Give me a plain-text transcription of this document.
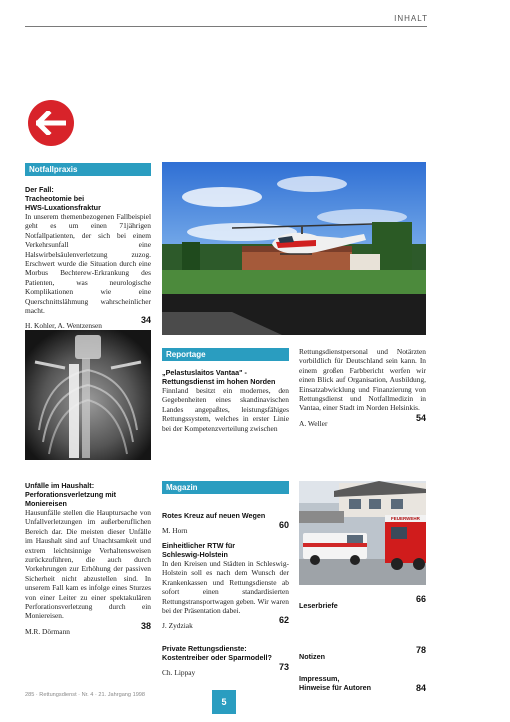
INHALT
Notfallpraxis
Der Fall:
Tracheotomie bei
HWS-Luxationsfraktur
In unserem themenbezogenen Fallbeispiel geht es um einen 71jährigen Notfallpatienten, der sich bei einem Verkehrsunfall eine Halswirbelsäulenverletzung zuzog. Erschwert wurde die Situation durch eine Morbus Bechterew-Erkrankung des Patienten, was neurologische Komplikationen wie eine Querschnittslähmung wahrscheinlicher macht.
H. Kohler, A. Wentzensen
34
Unfälle im Haushalt:
Perforationsverletzung mit
Moniereisen
Hausunfälle stellen die Hauptursache von Unfallverletzungen im außerberuflichen Bereich dar. Die meisten dieser Unfälle im Haushalt sind auf Unachtsamkeit und extrem leichtsinnige Verhaltensweisen zurückzuführen, die auch durch Vorkehrungen zur Erhöhung der passiven Sicherheit nicht abzustellen sind. In unserem Fall kam es infolge eines Sturzes von einer Leiter zu einer spektakulären Perforationsverletzung durch ein Moniereisen.
M.R. Dörmann
38
Reportage
„Pelastuslaitos Vantaa" -
Rettungsdienst im hohen Norden
Finnland besitzt ein modernes, den Gegebenheiten eines skandinavischen Landes angepaßtes, leistungsfähiges Rettungssystem, welches in erster Linie bei der Kompetenzverteilung zwischen
Rettungsdienstpersonal und Notärzten vorbildlich für Deutschland sein kann. In einem großen Farbbericht werfen wir einen Blick auf Organisation, Ausbildung, Einsatzabwicklung und Finanzierung von Rettungsdienst und Notfallmedizin in Vantaa, einer Stadt im Norden Helsinkis.
A. Weller
54
Magazin
Rotes Kreuz auf neuen Wegen
M. Horn
60
Einheitlicher RTW für
Schleswig-Holstein
In den Kreisen und Städten in Schleswig-Holstein soll es nach dem Wunsch der Krankenkassen und Rettungsdienste ab sofort einen standardisierten Rettungstransportwagen geben. Wir waren bei der Präsentation dabei.
J. Zydziak
62
Private Rettungsdienste:
Kostentreiber oder Sparmodell?
Ch. Lippay
73
FEUERWEHR
Leserbriefe
66
Notizen
78
Impressum,
Hinweise für Autoren	84
285 · Rettungsdienst · Nr. 4 · 21. Jahrgang 1998
5
